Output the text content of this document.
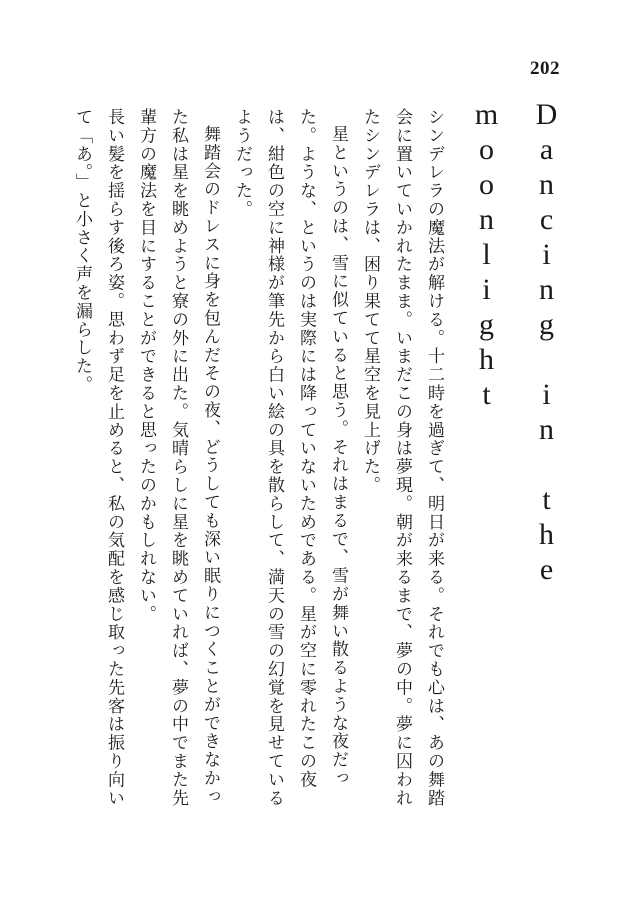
202
Dancing in the moonlight

シンデレラの魔法が解ける。十二時を過ぎて、明日が来る。それでも心は、あの舞踏会に置いていかれたまま。いまだこの身は夢現。朝が来るまで、夢の中。夢に囚われたシンデレラは、困り果てて星空を見上げた。

星というのは、雪に似ていると思う。それはまるで、雪が舞い散るような夜だった。ような、というのは実際には降っていないためである。星が空に零れたこの夜は、紺色の空に神様が筆先から白い絵の具を散らして、満天の雪の幻覚を見せているようだった。

舞踏会のドレスに身を包んだその夜、どうしても深い眠りにつくことができなかった私は星を眺めようと寮の外に出た。気晴らしに星を眺めていれば、夢の中でまた先輩方の魔法を目にすることができると思ったのかもしれない。

長い髪を揺らす後ろ姿。思わず足を止めると、私の気配を感じ取った先客は振り向いて「あ。」と小さく声を漏らした。
